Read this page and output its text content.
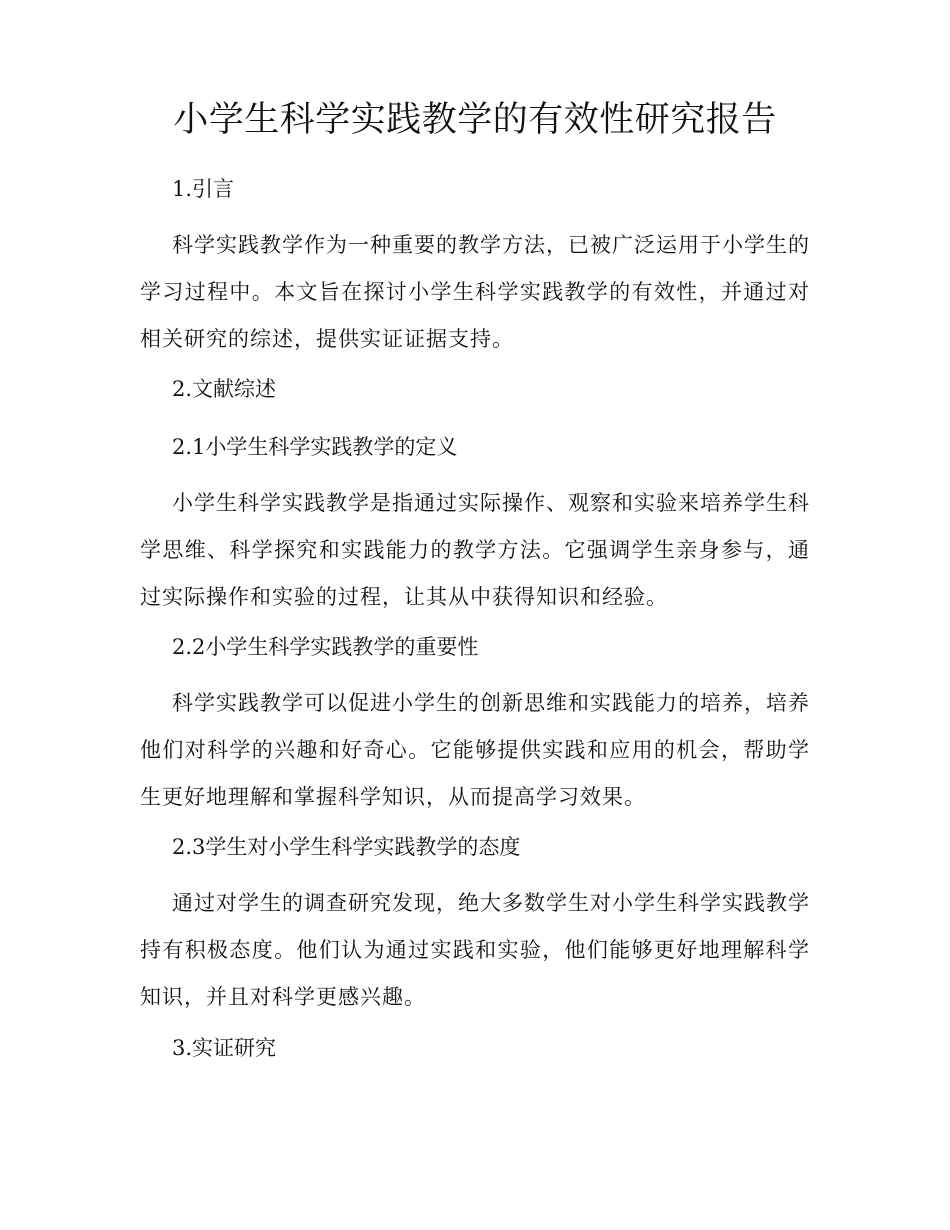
小学生科学实践教学的有效性研究报告
1.引言

科学实践教学作为一种重要的教学方法，已被广泛运用于小学生的学习过程中。本文旨在探讨小学生科学实践教学的有效性，并通过对相关研究的综述，提供实证证据支持。

2.文献综述
2.1小学生科学实践教学的定义

小学生科学实践教学是指通过实际操作、观察和实验来培养学生科学思维、科学探究和实践能力的教学方法。它强调学生亲身参与，通过实际操作和实验的过程，让其从中获得知识和经验。

2.2小学生科学实践教学的重要性

科学实践教学可以促进小学生的创新思维和实践能力的培养，培养他们对科学的兴趣和好奇心。它能够提供实践和应用的机会，帮助学生更好地理解和掌握科学知识，从而提高学习效果。

2.3学生对小学生科学实践教学的态度

通过对学生的调查研究发现，绝大多数学生对小学生科学实践教学持有积极态度。他们认为通过实践和实验，他们能够更好地理解科学知识，并且对科学更感兴趣。

3.实证研究
